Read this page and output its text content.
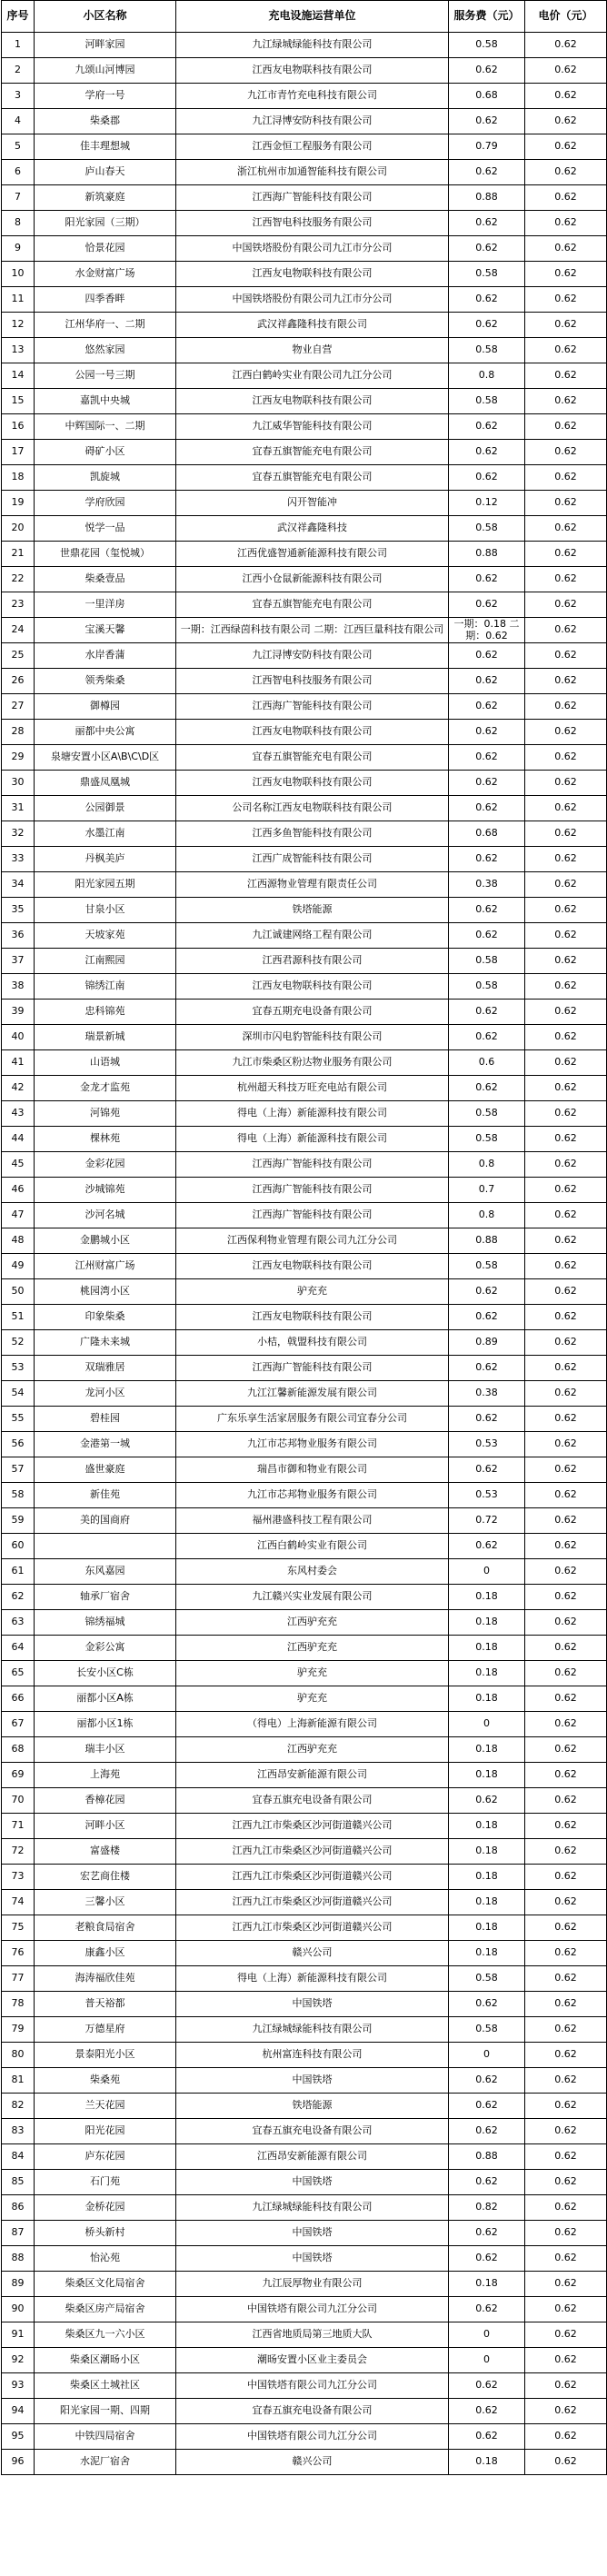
序号	小区名称	充电设施运营单位	服务费（元）	电价（元）
1	河畔家园	九江绿城绿能科技有限公司	0.58	0.62
2	九颂山河博园	江西友电物联科技有限公司	0.62	0.62
3	学府一号	九江市青竹充电科技有限公司	0.68	0.62
4	柴桑郡	九江浔博安防科技有限公司	0.62	0.62
5	佳丰理想城	江西金恒工程服务有限公司	0.79	0.62
6	庐山春天	浙江杭州市加通智能科技有限公司	0.62	0.62
7	新筑豪庭	江西海广智能科技有限公司	0.88	0.62
8	阳光家园（三期）	江西智电科技服务有限公司	0.62	0.62
9	恰景花园	中国铁塔股份有限公司九江市分公司	0.62	0.62
10	水金财富广场	江西友电物联科技有限公司	0.58	0.62
11	四季香畔	中国铁塔股份有限公司九江市分公司	0.62	0.62
12	江州华府一、二期	武汉祥鑫隆科技有限公司	0.62	0.62
13	悠然家园	物业自营	0.58	0.62
14	公园一号三期	江西白鹤岭实业有限公司九江分公司	0.8	0.62
15	嘉凯中央城	江西友电物联科技有限公司	0.58	0.62
16	中辉国际一、二期	九江威华智能科技有限公司	0.62	0.62
17	碍矿小区	宜春五旗智能充电有限公司	0.62	0.62
18	凯旋城	宜春五旗智能充电有限公司	0.62	0.62
19	学府欣园	闪开智能冲	0.12	0.62
20	悦学一品	武汉祥鑫隆科技	0.58	0.62
21	世鼎花园（玺悦城）	江西优盛智通新能源科技有限公司	0.88	0.62
22	柴桑壹品	江西小仓鼠新能源科技有限公司	0.62	0.62
23	一里洋房	宜春五旗智能充电有限公司	0.62	0.62
24	宝溪天馨	一期：江西绿茵科技有限公司 二期：江西巨量科技有限公司	一期：0.18 二期：0.62	0.62
25	水岸香蒲	九江浔博安防科技有限公司	0.62	0.62
26	领秀柴桑	江西智电科技服务有限公司	0.62	0.62
27	御樽园	江西海广智能科技有限公司	0.62	0.62
28	丽都中央公寓	江西友电物联科技有限公司	0.62	0.62
29	泉塘安置小区A\B\C\D区	宜春五旗智能充电有限公司	0.62	0.62
30	鼎盛凤凰城	江西友电物联科技有限公司	0.62	0.62
31	公园御景	公司名称江西友电物联科技有限公司	0.62	0.62
32	水墨江南	江西多鱼智能科技有限公司	0.68	0.62
33	丹枫美庐	江西广成智能科技有限公司	0.62	0.62
34	阳光家园五期	江西源物业管理有限责任公司	0.38	0.62
35	甘泉小区	铁塔能源	0.62	0.62
36	天坡家苑	九江诚建网络工程有限公司	0.62	0.62
37	江南熙园	江西君源科技有限公司	0.58	0.62
38	锦绣江南	江西友电物联科技有限公司	0.58	0.62
39	忠科锦苑	宜春五期充电设备有限公司	0.62	0.62
40	瑞景新城	深圳市闪电豹智能科技有限公司	0.62	0.62
41	山语城	九江市柴桑区粉达物业服务有限公司	0.6	0.62
42	金龙才监苑	杭州超天科技万旺充电站有限公司	0.62	0.62
43	河锦苑	得电（上海）新能源科技有限公司	0.58	0.62
44	棵林苑	得电（上海）新能源科技有限公司	0.58	0.62
45	金彩花园	江西海广智能科技有限公司	0.8	0.62
46	沙城锦苑	江西海广智能科技有限公司	0.7	0.62
47	沙河名城	江西海广智能科技有限公司	0.8	0.62
48	金鹏城小区	江西保利物业管理有限公司九江分公司	0.88	0.62
49	江州财富广场	江西友电物联科技有限公司	0.58	0.62
50	桃园湾小区	驴充充	0.62	0.62
51	印象柴桑	江西友电物联科技有限公司	0.62	0.62
52	广隆未来城	小桔，戟盟科技有限公司	0.89	0.62
53	双瑞雅居	江西海广智能科技有限公司	0.62	0.62
54	龙河小区	九江江馨新能源发展有限公司	0.38	0.62
55	碧桂园	广东乐享生活家居服务有限公司宜春分公司	0.62	0.62
56	金港第一城	九江市芯邦物业服务有限公司	0.53	0.62
57	盛世豪庭	瑞昌市御和物业有限公司	0.62	0.62
58	新佳苑	九江市芯邦物业服务有限公司	0.53	0.62
59	美的国商府	福州港盛科技工程有限公司	0.72	0.62
60		江西白鹤岭实业有限公司	0.62	0.62
61	东风嘉园	东风村委会	0	0.62
62	轴承厂宿舍	九江赣兴实业发展有限公司	0.18	0.62
63	锦绣福城	江西驴充充	0.18	0.62
64	金彩公寓	江西驴充充	0.18	0.62
65	长安小区C栋	驴充充	0.18	0.62
66	丽都小区A栋	驴充充	0.18	0.62
67	丽都小区1栋	（得电）上海新能源有限公司	0	0.62
68	瑞丰小区	江西驴充充	0.18	0.62
69	上海苑	江西昂安新能源有限公司	0.18	0.62
70	香樟花园	宜春五旗充电设备有限公司	0.62	0.62
71	河畔小区	江西九江市柴桑区沙河街道赣兴公司	0.18	0.62
72	富盛楼	江西九江市柴桑区沙河街道赣兴公司	0.18	0.62
73	宏艺商住楼	江西九江市柴桑区沙河街道赣兴公司	0.18	0.62
74	三馨小区	江西九江市柴桑区沙河街道赣兴公司	0.18	0.62
75	老粮食局宿舍	江西九江市柴桑区沙河街道赣兴公司	0.18	0.62
76	康鑫小区	赣兴公司	0.18	0.62
77	海涛福欣佳苑	得电（上海）新能源科技有限公司	0.58	0.62
78	普天裕都	中国铁塔	0.62	0.62
79	万德星府	九江绿城绿能科技有限公司	0.58	0.62
80	景泰阳光小区	杭州富连科技有限公司	0	0.62
81	柴桑苑	中国铁塔	0.62	0.62
82	兰天花园	铁塔能源	0.62	0.62
83	阳光花园	宜春五旗充电设备有限公司	0.62	0.62
84	庐东花园	江西昂安新能源有限公司	0.88	0.62
85	石门苑	中国铁塔	0.62	0.62
86	金桥花园	九江绿城绿能科技有限公司	0.82	0.62
87	桥头新村	中国铁塔	0.62	0.62
88	怡沁苑	中国铁塔	0.62	0.62
89	柴桑区文化局宿舍	九江辰厚物业有限公司	0.18	0.62
90	柴桑区房产局宿舍	中国铁塔有限公司九江分公司	0.62	0.62
91	柴桑区九一六小区	江西省地质局第三地质大队	0	0.62
92	柴桑区潮旸小区	潮旸安置小区业主委员会	0	0.62
93	柴桑区土城社区	中国铁塔有限公司九江分公司	0.62	0.62
94	阳光家园一期、四期	宜春五旗充电设备有限公司	0.62	0.62
95	中铁四局宿舍	中国铁塔有限公司九江分公司	0.62	0.62
96	水泥厂宿舍	赣兴公司	0.18	0.62
